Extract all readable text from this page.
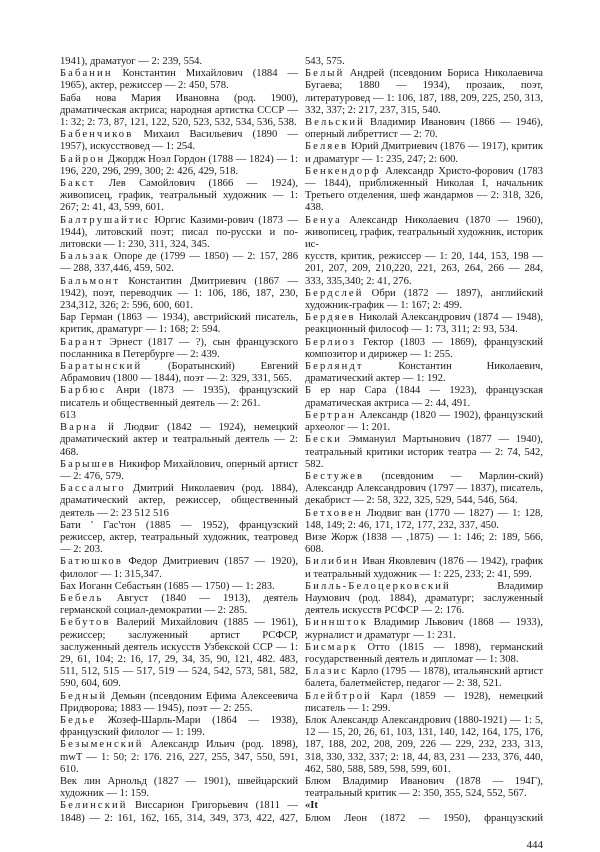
1941), драматуог — 2: 239, 554.

Бабанин Константин Михайлович (1884 — 1965), актер, режиссер — 2: 450, 578.

Баба нова Мария Ивановна (род. 1900), драматическая актриса; народная артистка СССР — 1: 32; 2: 73, 87, 121, 122, 520, 523, 532, 534, 536, 538.

Бабенчиков Михаил Васильевич (1890 — 1957), искусствовед — 1: 254.

Байрон Джордж Ноэл Гордон (1788 — 1824) — 1: 196, 220, 296, 299, 300; 2: 426, 429, 518.

Бакст Лев Самойлович (1866 — 1924), живописец, график, театральный художник — 1: 267; 2: 41, 43, 599, 601.

Балтрушайтис Юргис Казими-рович (1873 — 1944), литовский поэт; писал по-русски и по-литовски — 1: 230, 311, 324, 345.

Бальзак Опоре де (1799 — 1850) — 2: 157, 286 — 288, 337,446, 459, 502.

Бальмонт Константин Дмитриевич (1867 — 1942), поэт, переводчик — 1: 106, 186, 187, 230, 234,312, 326; 2: 596, 600, 601.

Бар Герман (1863 — 1934), австрийский писатель, критик, драматург — 1: 168; 2: 594.

Барант Эрнест (1817 — ?), сын французского посланника в Петербурге — 2: 439.

Баратынский (Боратынский) Евгений Абрамович (1800 — 1844), поэт — 2: 329, 331, 565.

Барбюс Анри (1873 — 1935), французский писатель и общественный деятель — 2: 261.

613

Варна й Людвиг (1842 — 1924), немецкий драматический актер и театральный деятель — 2: 468.

Барышев Никифор Михайлович, оперный артист — 2: 476, 579.

Бассалыго Дмитрий Николаевич (род. 1884), драматический актер, режиссер, общественный деятель — 2: 23 512 516

Бати ' Гас'тон (1885 — 1952), французский режиссер, актер, театральный художник, театровед — 2: 203.

Батюшков Федор Дмитриевич (1857 — 1920), филолог — 1: 315,347.

Бах Иоганн Себастьян (1685 — 1750) — 1: 283.

Бебель Август (1840 — 1913), деятель германской социал-демократии — 2: 285.

Бебутов Валерий Михайлович (1885 — 1961), режиссер; заслуженный артист РСФСР, заслуженный деятель искусств Узбекской ССР — 1: 29, 61, 104; 2: 16, 17, 29, 34, 35, 90, 121, 482. 483, 511, 512, 515 — 517, 519 — 524, 542, 573, 581, 582, 590, 604, 609.

Бедный Демьян (псевдоним Ефима Алексеевича Придворова; 1883 — 1945), поэт — 2: 255.

Бедье Жозеф-Шарль-Мари (1864 — 1938), французский филолог — 1: 199.

Безыменский Александр Ильич (род. 1898), mwT — 1: 50; 2: 176. 216, 227, 255, 347, 550, 591, 610.

Век лин Арнольд (1827 — 1901), швейцарский художник — 1: 159.

Белинский Виссарион Григорьевич (1811 — 1848) — 2: 161, 162, 165, 314, 349, 373, 422, 427,

543, 575.

Белый Андрей (псевдоним Бориса Николаевича Бугаева; 1880 — 1934), прозаик, поэт, литературовед — 1: 106, 187, 188, 209, 225, 250, 313, 332, 337; 2: 217, 237, 315, 540.

Вельский Владимир Иванович (1866 — 1946), оперный либреттист — 2: 70.

Беляев Юрий Дмитриевич (1876 — 1917), критик и драматург — 1: 235, 247; 2: 600.

Бенкендорф Александр Христо-форович (1783 — 1844), приближенный Николая I, начальник Третьего отделения, шеф жандармов — 2: 318, 326, 438.

Бенуа Александр Николаевич (1870 — 1960), живописец, график, театральный художник, историк ис-

кусств, критик, режиссер — 1: 20, 144, 153, 198 — 201, 207, 209, 210,220, 221, 263, 264, 266 — 284, 333, 335,340; 2: 41, 276.

Бердслей Обри (1872 — 1897), английский художник-график — 1: 167; 2: 499.

Бердяев Николай Александрович (1874 — 1948), реакционный философ — 1: 73, 311; 2: 93, 534.

Берлиоз Гектор (1803 — 1869), французский композитор и дирижер — 1: 255.

Берляндт Константин Николаевич, драматический актер — 1: 192.

Б ер нар Сара (1844 — 1923), французская драматическая актриса — 2: 44, 491.

Бертран Александр (1820 — 1902), французский археолог — 1: 201.

Бески Эммануил Мартынович (1877 — 1940), театральный критики историк театра — 2: 74, 542, 582.

Бестужев (псевдоним — Марлин-ский) Александр Александрович (1797 — 1837), писатель, декабрист — 2: 58, 322, 325, 529, 544, 546, 564.

Бетховен Людвиг ван (1770 — 1827) — 1: 128, 148, 149; 2: 46, 171, 172, 177, 232, 337, 450.

Визе Жорж (1838 — ,1875) — 1: 146; 2: 189, 566, 608.

Билибин Иван Яковлевич (1876 — 1942), график и театральный художник — 1: 225, 233; 2: 41, 599.

Билль-Белоцерковский Владимир Наумович (род. 1884), драматург; заслуженный деятель искусств РСФСР — 2: 176.

Бинншток Владимир Львович (1868 — 1933), журналист и драматург — 1: 231.

Бисмарк Отто (1815 — 1898), германский государственный деятель и дипломат — 1: 308.

Блазис Карло (1795 — 1878), итальянский артист балета, балетмейстер, педагог — 2: 38, 521.

Блейбтрой Карл (1859 — 1928), немецкий писатель — 1: 299.

Блок Александр Александрович (1880-1921) — 1: 5, 12 — 15, 20, 26, 61, 103, 131, 140, 142, 164, 175, 176, 187, 188, 202, 208, 209, 226 — 229, 232, 233, 313, 318, 330, 332, 337; 2: 18, 44, 83, 231 — 233, 376, 440, 462, 580, 588, 589, 598, 599, 601.

Блюм Владимир Иванович (1878 — 194Г), театральный критик — 2: 350, 355, 524, 552, 567.

«It

Блюм Леон (1872 — 1950), французский

444
